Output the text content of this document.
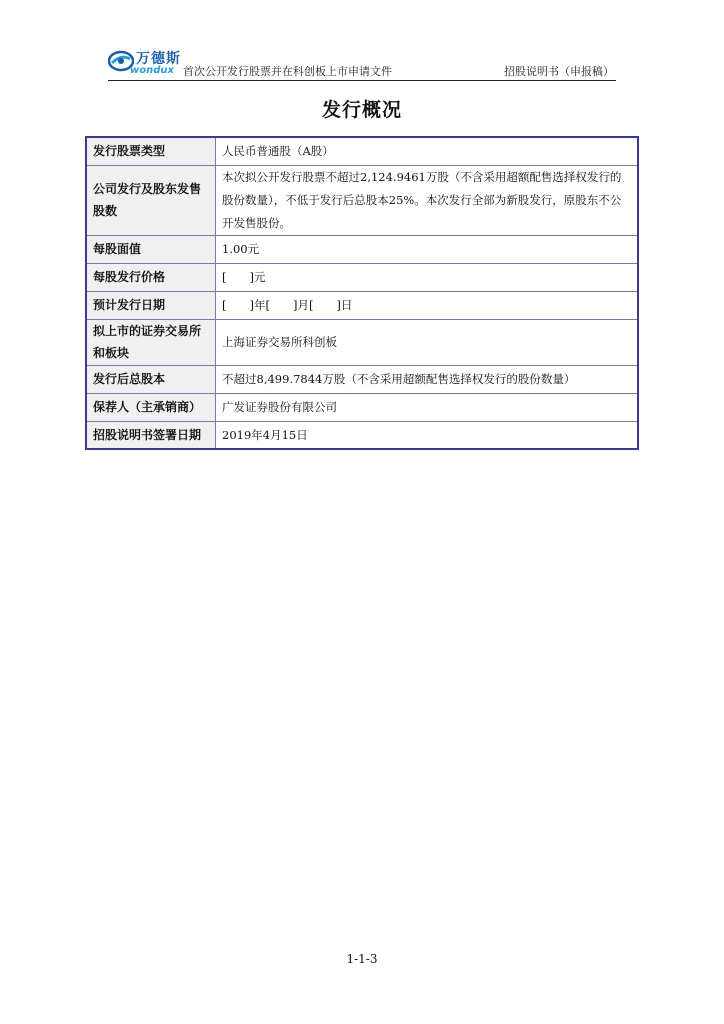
万德斯
wondux 首次公开发行股票并在科创板上市申请文件	招股说明书（申报稿）
发行概况
发行股票类型	人民币普通股（A股）
公司发行及股东发售股数	本次拟公开发行股票不超过2,124.9461万股（不含采用超额配售选择权发行的股份数量），不低于发行后总股本25%。本次发行全部为新股发行，原股东不公开发售股份。
每股面值	1.00元
每股发行价格	[　　]元
预计发行日期	[　　]年[　　]月[　　]日
拟上市的证券交易所和板块	上海证券交易所科创板
发行后总股本	不超过8,499.7844万股（不含采用超额配售选择权发行的股份数量）
保荐人（主承销商）	广发证券股份有限公司
招股说明书签署日期	2019年4月15日
1-1-3
